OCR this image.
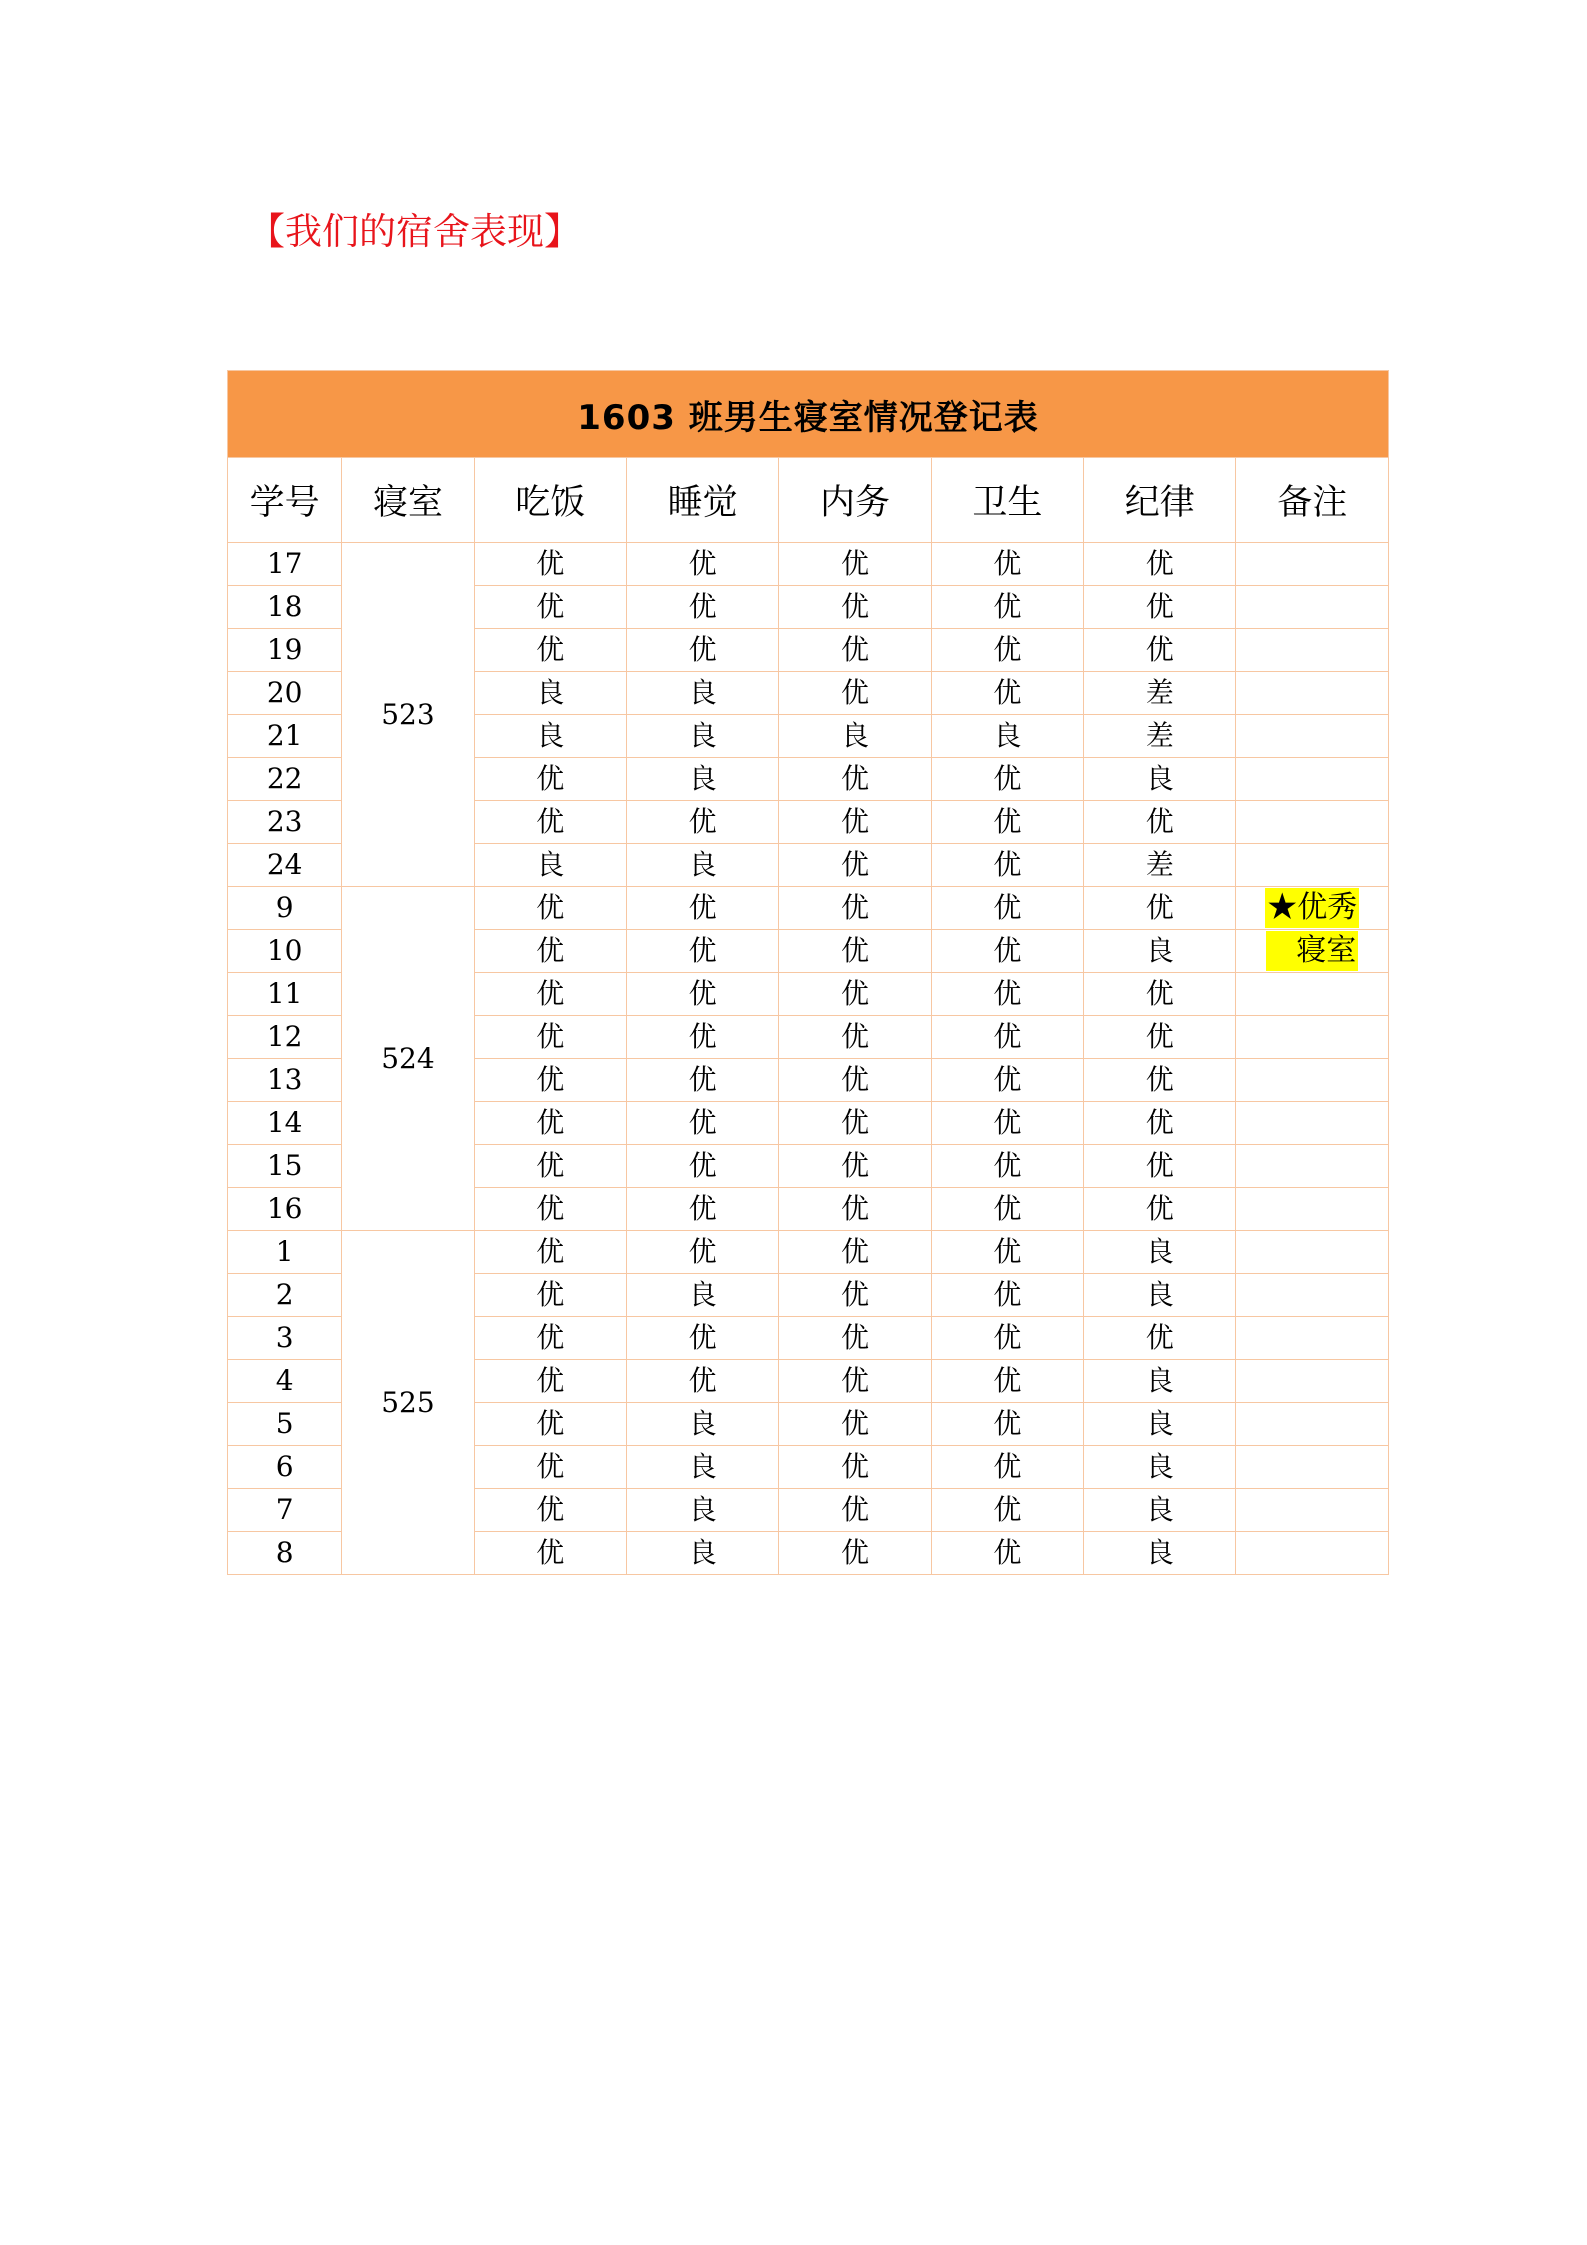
【我们的宿舍表现】
1603 班男生寝室情况登记表							
学号	寝室	吃饭	睡觉	内务	卫生	纪律	备注
17	523	优	优	优	优	优	
18		优	优	优	优	优	
19		优	优	优	优	优	
20		良	良	优	优	差	
21		良	良	良	良	差	
22		优	良	优	优	良	
23		优	优	优	优	优	
24		良	良	优	优	差	
9	524	优	优	优	优	优	★优秀
10		优	优	优	优	良	寝室
11		优	优	优	优	优	
12		优	优	优	优	优	
13		优	优	优	优	优	
14		优	优	优	优	优	
15		优	优	优	优	优	
16		优	优	优	优	优	
1	525	优	优	优	优	良	
2		优	良	优	优	良	
3		优	优	优	优	优	
4		优	优	优	优	良	
5		优	良	优	优	良	
6		优	良	优	优	良	
7		优	良	优	优	良	
8		优	良	优	优	良	
